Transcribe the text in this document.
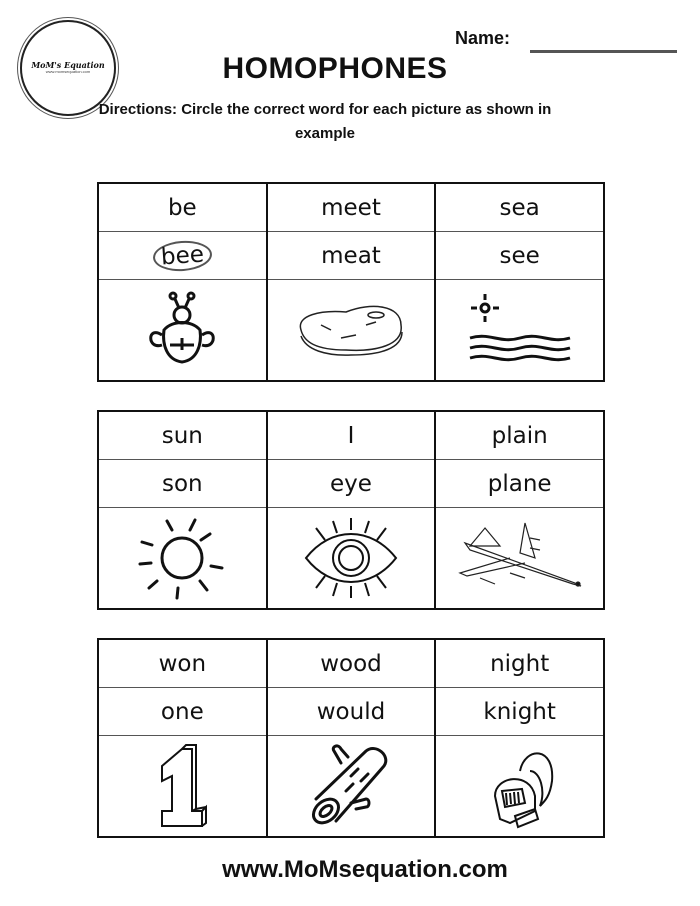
MoM's Equation
www.momsequation.com
Name:
HOMOPHONES
Directions: Circle the correct word for each picture as shown in example
be	meet	sea
bee	meat	see

sun	I	plain
son	eye	plane

won	wood	night
one	would	knight

www.MoMsequation.com
